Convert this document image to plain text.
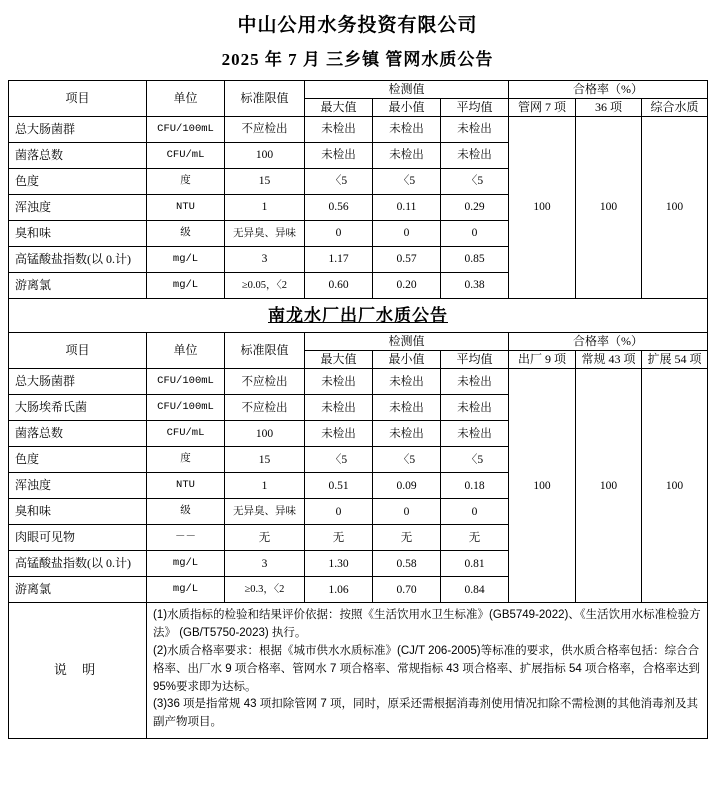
中山公用水务投资有限公司
2025 年 7 月 三乡镇 管网水质公告
项目	单位	标准限值	检测值			合格率（%）		
			最大值	最小值	平均值	管网 7 项	36 项	综合水质
总大肠菌群	CFU/100mL	不应检出	未检出	未检出	未检出	100	100	100
菌落总数	CFU/mL	100	未检出	未检出	未检出			
色度	度	15	〈5	〈5	〈5			
浑浊度	NTU	1	0.56	0.11	0.29			
臭和味	级	无异臭、异味	0	0	0			
高锰酸盐指数(以 0.计)	mg/L	3	1.17	0.57	0.85			
游离氯	mg/L	≥0.05，〈2	0.60	0.20	0.38			
南龙水厂出厂水质公告								
项目	单位	标准限值	检测值			合格率（%）		
			最大值	最小值	平均值	出厂 9 项	常规 43 项	扩展 54 项
总大肠菌群	CFU/100mL	不应检出	未检出	未检出	未检出	100	100	100
大肠埃希氏菌	CFU/100mL	不应检出	未检出	未检出	未检出			
菌落总数	CFU/mL	100	未检出	未检出	未检出			
色度	度	15	〈5	〈5	〈5			
浑浊度	NTU	1	0.51	0.09	0.18			
臭和味	级	无异臭、异味	0	0	0			
肉眼可见物	－－	无	无	无	无			
高锰酸盐指数(以 0.计)	mg/L	3	1.30	0.58	0.81			
游离氯	mg/L	≥0.3，〈2	1.06	0.70	0.84			
说 明	(1)水质指标的检验和结果评价依据：按照《生活饮用水卫生标准》(GB5749-2022)、《生活饮用水标准检验方法》 (GB/T5750-2023) 执行。
(2)水质合格率要求：根据《城市供水水质标准》(CJ/T 206-2005)等标准的要求，供水质合格率包括：综合合格率、出厂水 9 项合格率、管网水 7 项合格率、常规指标 43 项合格率、扩展指标 54 项合格率，合格率达到 95%要求即为达标。
(3)36 项是指常规 43 项扣除管网 7 项，同时，原采还需根据消毒剂使用情况扣除不需检测的其他消毒剂及其副产物项目。							
